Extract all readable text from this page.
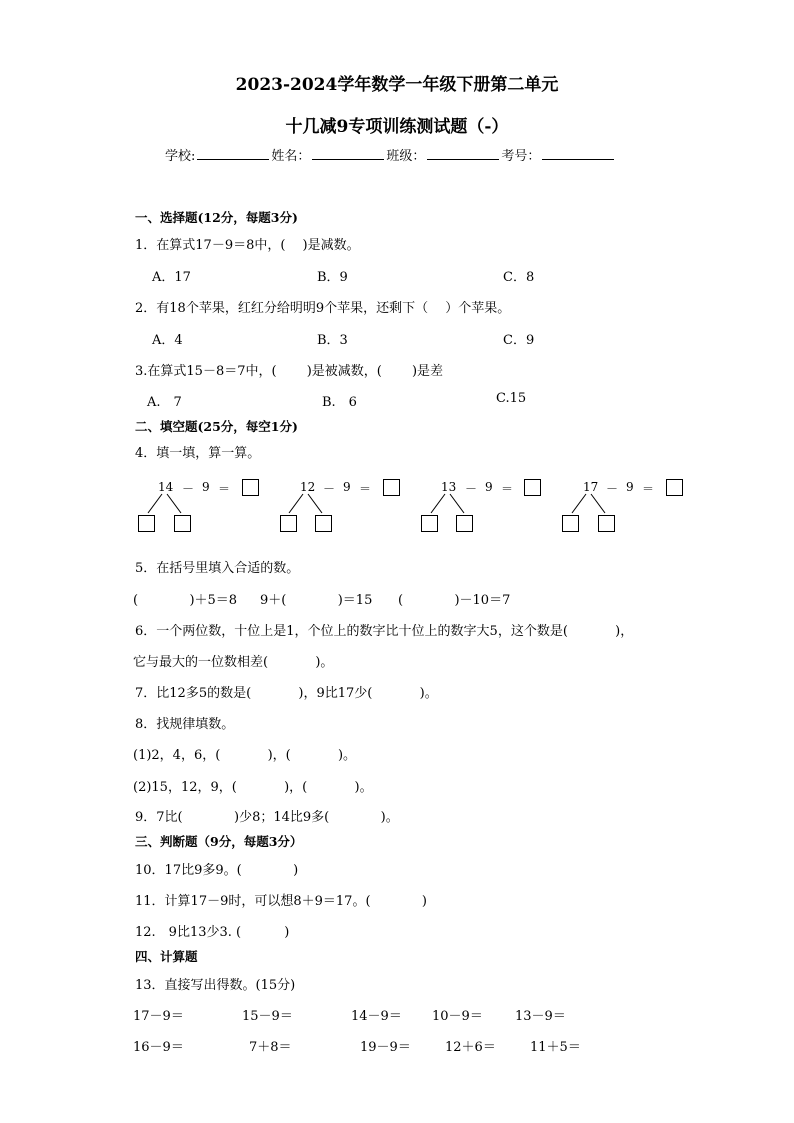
2023-2024学年数学一年级下册第二单元
十几减9专项训练测试题（-）
学校:	姓名：	班级：	考号：
一、选择题(12分，每题3分)
1．在算式17－9＝8中，(　 )是减数。
A．17	B．9	C．8
2．有18个苹果，红红分给明明9个苹果，还剩下（　 ）个苹果。
A．4	B．3	C．9
3.在算式15－8＝7中，(　 　)是被减数，(　 　)是差
A.　7	B.　6	C.15
二、填空题(25分，每空1分)
4．填一填，算一算。
14 － 9 ＝	12 － 9 ＝	13 － 9 ＝	17 － 9 ＝
5．在括号里填入合适的数。
(　 　 　 )＋5＝8 9＋(　 　 　 )＝15 (　 　 　 )－10＝7
6．一个两位数，十位上是1，个位上的数字比十位上的数字大5，这个数是(　 　 　)，
它与最大的一位数相差(　 　 　)。
7．比12多5的数是(　 　 　)，9比17少(　 　 　)。
8．找规律填数。
(1)2，4，6，(　 　 　)，(　 　 　)。
(2)15，12，9，(　 　 　)，(　 　 　)。
9．7比(　 　 　 )少8；14比9多(　 　 　 )。
三、判断题（9分，每题3分）
10．17比9多9。(　 　 　 )
11．计算17－9时，可以想8＋9＝17。(　 　 　 )
12.　9比13少3. (　 　　)
四、计算题
13．直接写出得数。(15分)
17－9＝	15－9＝	14－9＝ 10－9＝ 13－9＝
16－9＝	7＋8＝	19－9＝	12＋6＝	11＋5＝
